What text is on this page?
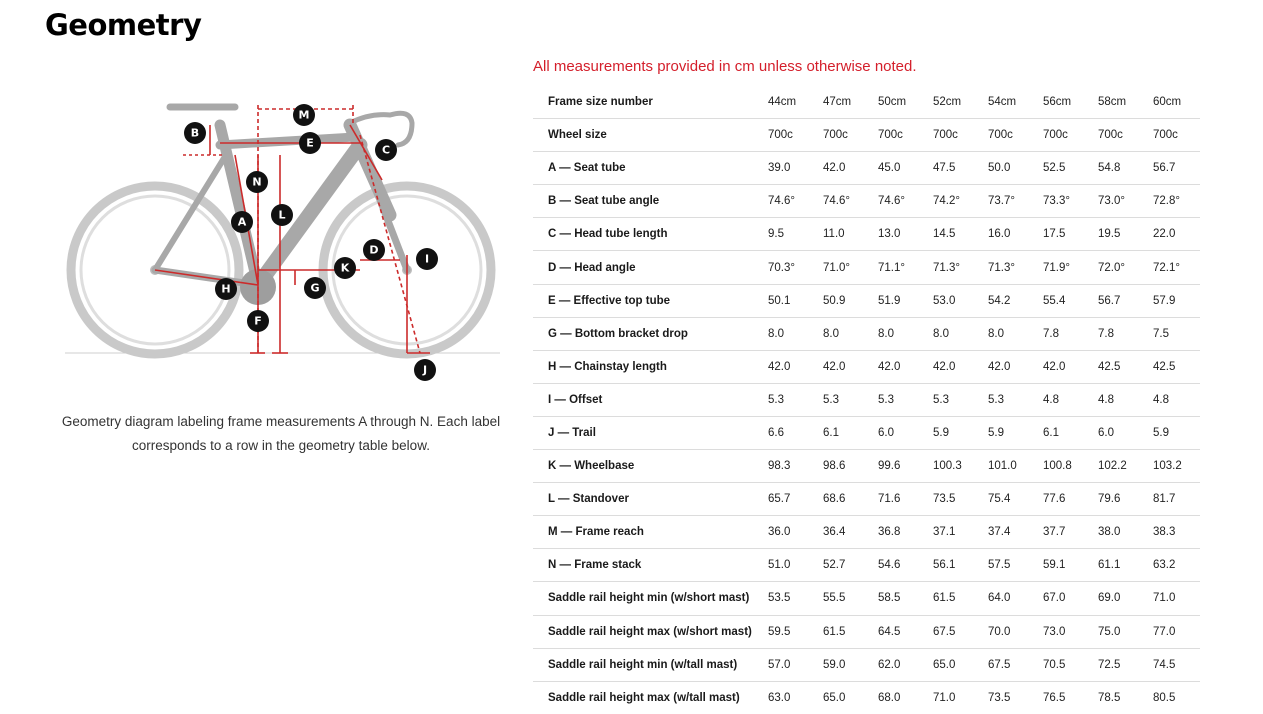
Geometry
M
B
E
C
N
L
A
D
I
K
H	G
F
J
Geometry diagram labeling frame measurements A through N. Each label corresponds to a row in the geometry table below.
All measurements provided in cm unless otherwise noted.
Frame size number	44cm	47cm	50cm	52cm	54cm	56cm	58cm	60cm
Wheel size	700c	700c	700c	700c	700c	700c	700c	700c
A — Seat tube	39.0	42.0	45.0	47.5	50.0	52.5	54.8	56.7
B — Seat tube angle	74.6°	74.6°	74.6°	74.2°	73.7°	73.3°	73.0°	72.8°
C — Head tube length	9.5	11.0	13.0	14.5	16.0	17.5	19.5	22.0
D — Head angle	70.3°	71.0°	71.1°	71.3°	71.3°	71.9°	72.0°	72.1°
E — Effective top tube	50.1	50.9	51.9	53.0	54.2	55.4	56.7	57.9
G — Bottom bracket drop	8.0	8.0	8.0	8.0	8.0	7.8	7.8	7.5
H — Chainstay length	42.0	42.0	42.0	42.0	42.0	42.0	42.5	42.5
I — Offset	5.3	5.3	5.3	5.3	5.3	4.8	4.8	4.8
J — Trail	6.6	6.1	6.0	5.9	5.9	6.1	6.0	5.9
K — Wheelbase	98.3	98.6	99.6	100.3	101.0	100.8	102.2	103.2
L — Standover	65.7	68.6	71.6	73.5	75.4	77.6	79.6	81.7
M — Frame reach	36.0	36.4	36.8	37.1	37.4	37.7	38.0	38.3
N — Frame stack	51.0	52.7	54.6	56.1	57.5	59.1	61.1	63.2
Saddle rail height min (w/short mast)	53.5	55.5	58.5	61.5	64.0	67.0	69.0	71.0
Saddle rail height max (w/short mast)	59.5	61.5	64.5	67.5	70.0	73.0	75.0	77.0
Saddle rail height min (w/tall mast)	57.0	59.0	62.0	65.0	67.5	70.5	72.5	74.5
Saddle rail height max (w/tall mast)	63.0	65.0	68.0	71.0	73.5	76.5	78.5	80.5
